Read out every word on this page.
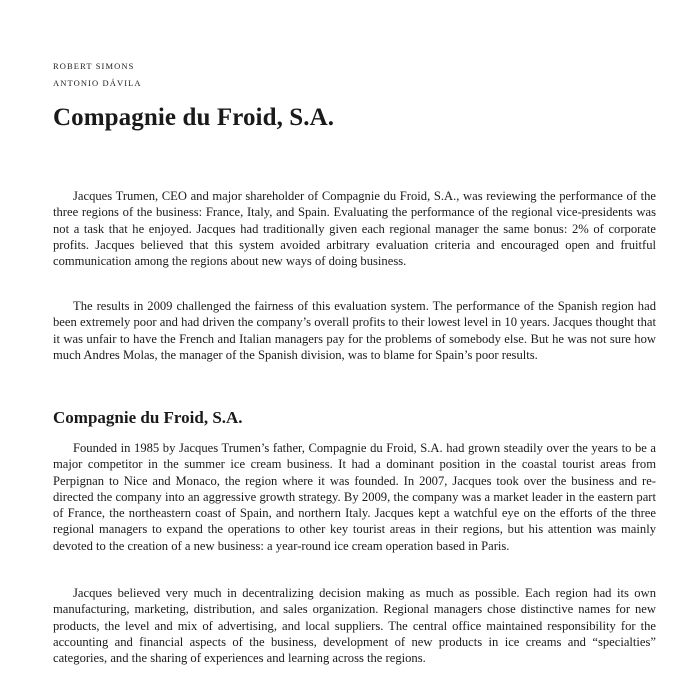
ROBERT SIMONS
ANTONIO DÁVILA
Compagnie du Froid, S.A.

Jacques Trumen, CEO and major shareholder of Compagnie du Froid, S.A., was reviewing the performance of the three regions of the business: France, Italy, and Spain. Evaluating the performance of the regional vice-presidents was not a task that he enjoyed. Jacques had traditionally given each regional manager the same bonus: 2% of corporate profits. Jacques believed that this system avoided arbitrary evaluation criteria and encouraged open and fruitful communication among the regions about new ways of doing business.

The results in 2009 challenged the fairness of this evaluation system. The performance of the Spanish region had been extremely poor and had driven the company’s overall profits to their lowest level in 10 years. Jacques thought that it was unfair to have the French and Italian managers pay for the problems of somebody else. But he was not sure how much Andres Molas, the manager of the Spanish division, was to blame for Spain’s poor results.

Compagnie du Froid, S.A.

Founded in 1985 by Jacques Trumen’s father, Compagnie du Froid, S.A. had grown steadily over the years to be a major competitor in the summer ice cream business. It had a dominant position in the coastal tourist areas from Perpignan to Nice and Monaco, the region where it was founded. In 2007, Jacques took over the business and re-directed the company into an aggressive growth strategy. By 2009, the company was a market leader in the eastern part of France, the northeastern coast of Spain, and northern Italy. Jacques kept a watchful eye on the efforts of the three regional managers to expand the operations to other key tourist areas in their regions, but his attention was mainly devoted to the creation of a new business: a year-round ice cream operation based in Paris.

Jacques believed very much in decentralizing decision making as much as possible. Each region had its own manufacturing, marketing, distribution, and sales organization. Regional managers chose distinctive names for new products, the level and mix of advertising, and local suppliers. The central office maintained responsibility for the accounting and financial aspects of the business, development of new products in ice creams and “specialties” categories, and the sharing of experiences and learning across the regions.
